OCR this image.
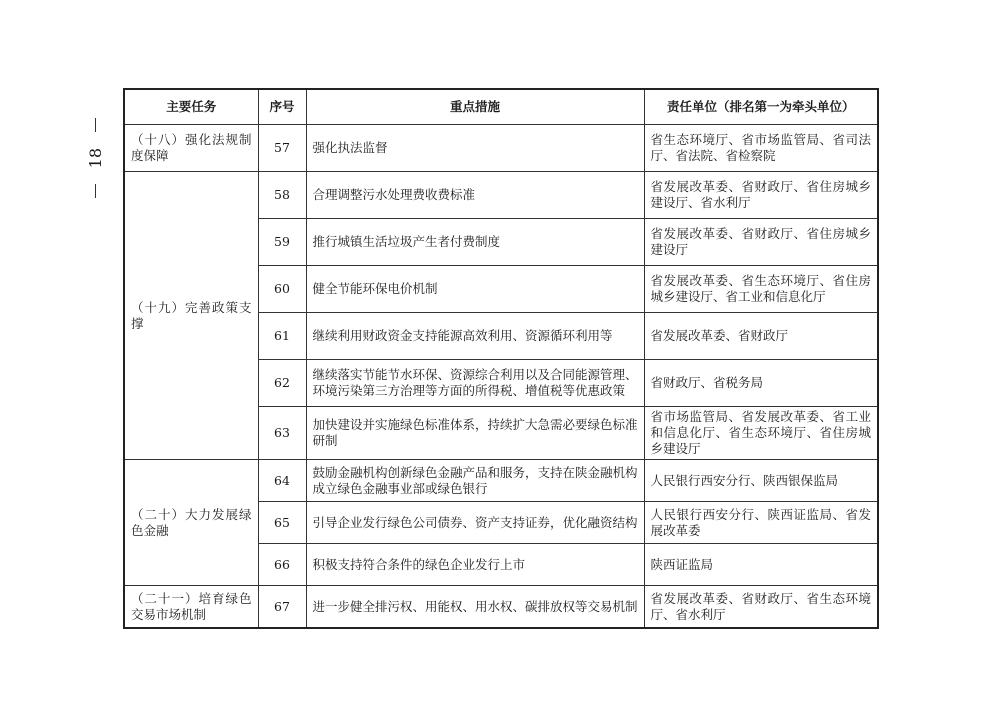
18
主要任务	序号	重点措施	责任单位（排名第一为牵头单位）
（十八）强化法规制度保障	57	强化执法监督	省生态环境厅、省市场监管局、省司法厅、省法院、省检察院
（十九）完善政策支撑	58	合理调整污水处理费收费标准	省发展改革委、省财政厅、省住房城乡建设厅、省水利厅
	59	推行城镇生活垃圾产生者付费制度	省发展改革委、省财政厅、省住房城乡建设厅
	60	健全节能环保电价机制	省发展改革委、省生态环境厅、省住房城乡建设厅、省工业和信息化厅
	61	继续利用财政资金支持能源高效利用、资源循环利用等	省发展改革委、省财政厅
	62	继续落实节能节水环保、资源综合利用以及合同能源管理、环境污染第三方治理等方面的所得税、增值税等优惠政策	省财政厅、省税务局
	63	加快建设并实施绿色标准体系，持续扩大急需必要绿色标准研制	省市场监管局、省发展改革委、省工业和信息化厅、省生态环境厅、省住房城乡建设厅
（二十）大力发展绿色金融	64	鼓励金融机构创新绿色金融产品和服务，支持在陕金融机构成立绿色金融事业部或绿色银行	人民银行西安分行、陕西银保监局
	65	引导企业发行绿色公司债券、资产支持证券，优化融资结构	人民银行西安分行、陕西证监局、省发展改革委
	66	积极支持符合条件的绿色企业发行上市	陕西证监局
（二十一）培育绿色交易市场机制	67	进一步健全排污权、用能权、用水权、碳排放权等交易机制	省发展改革委、省财政厅、省生态环境厅、省水利厅
